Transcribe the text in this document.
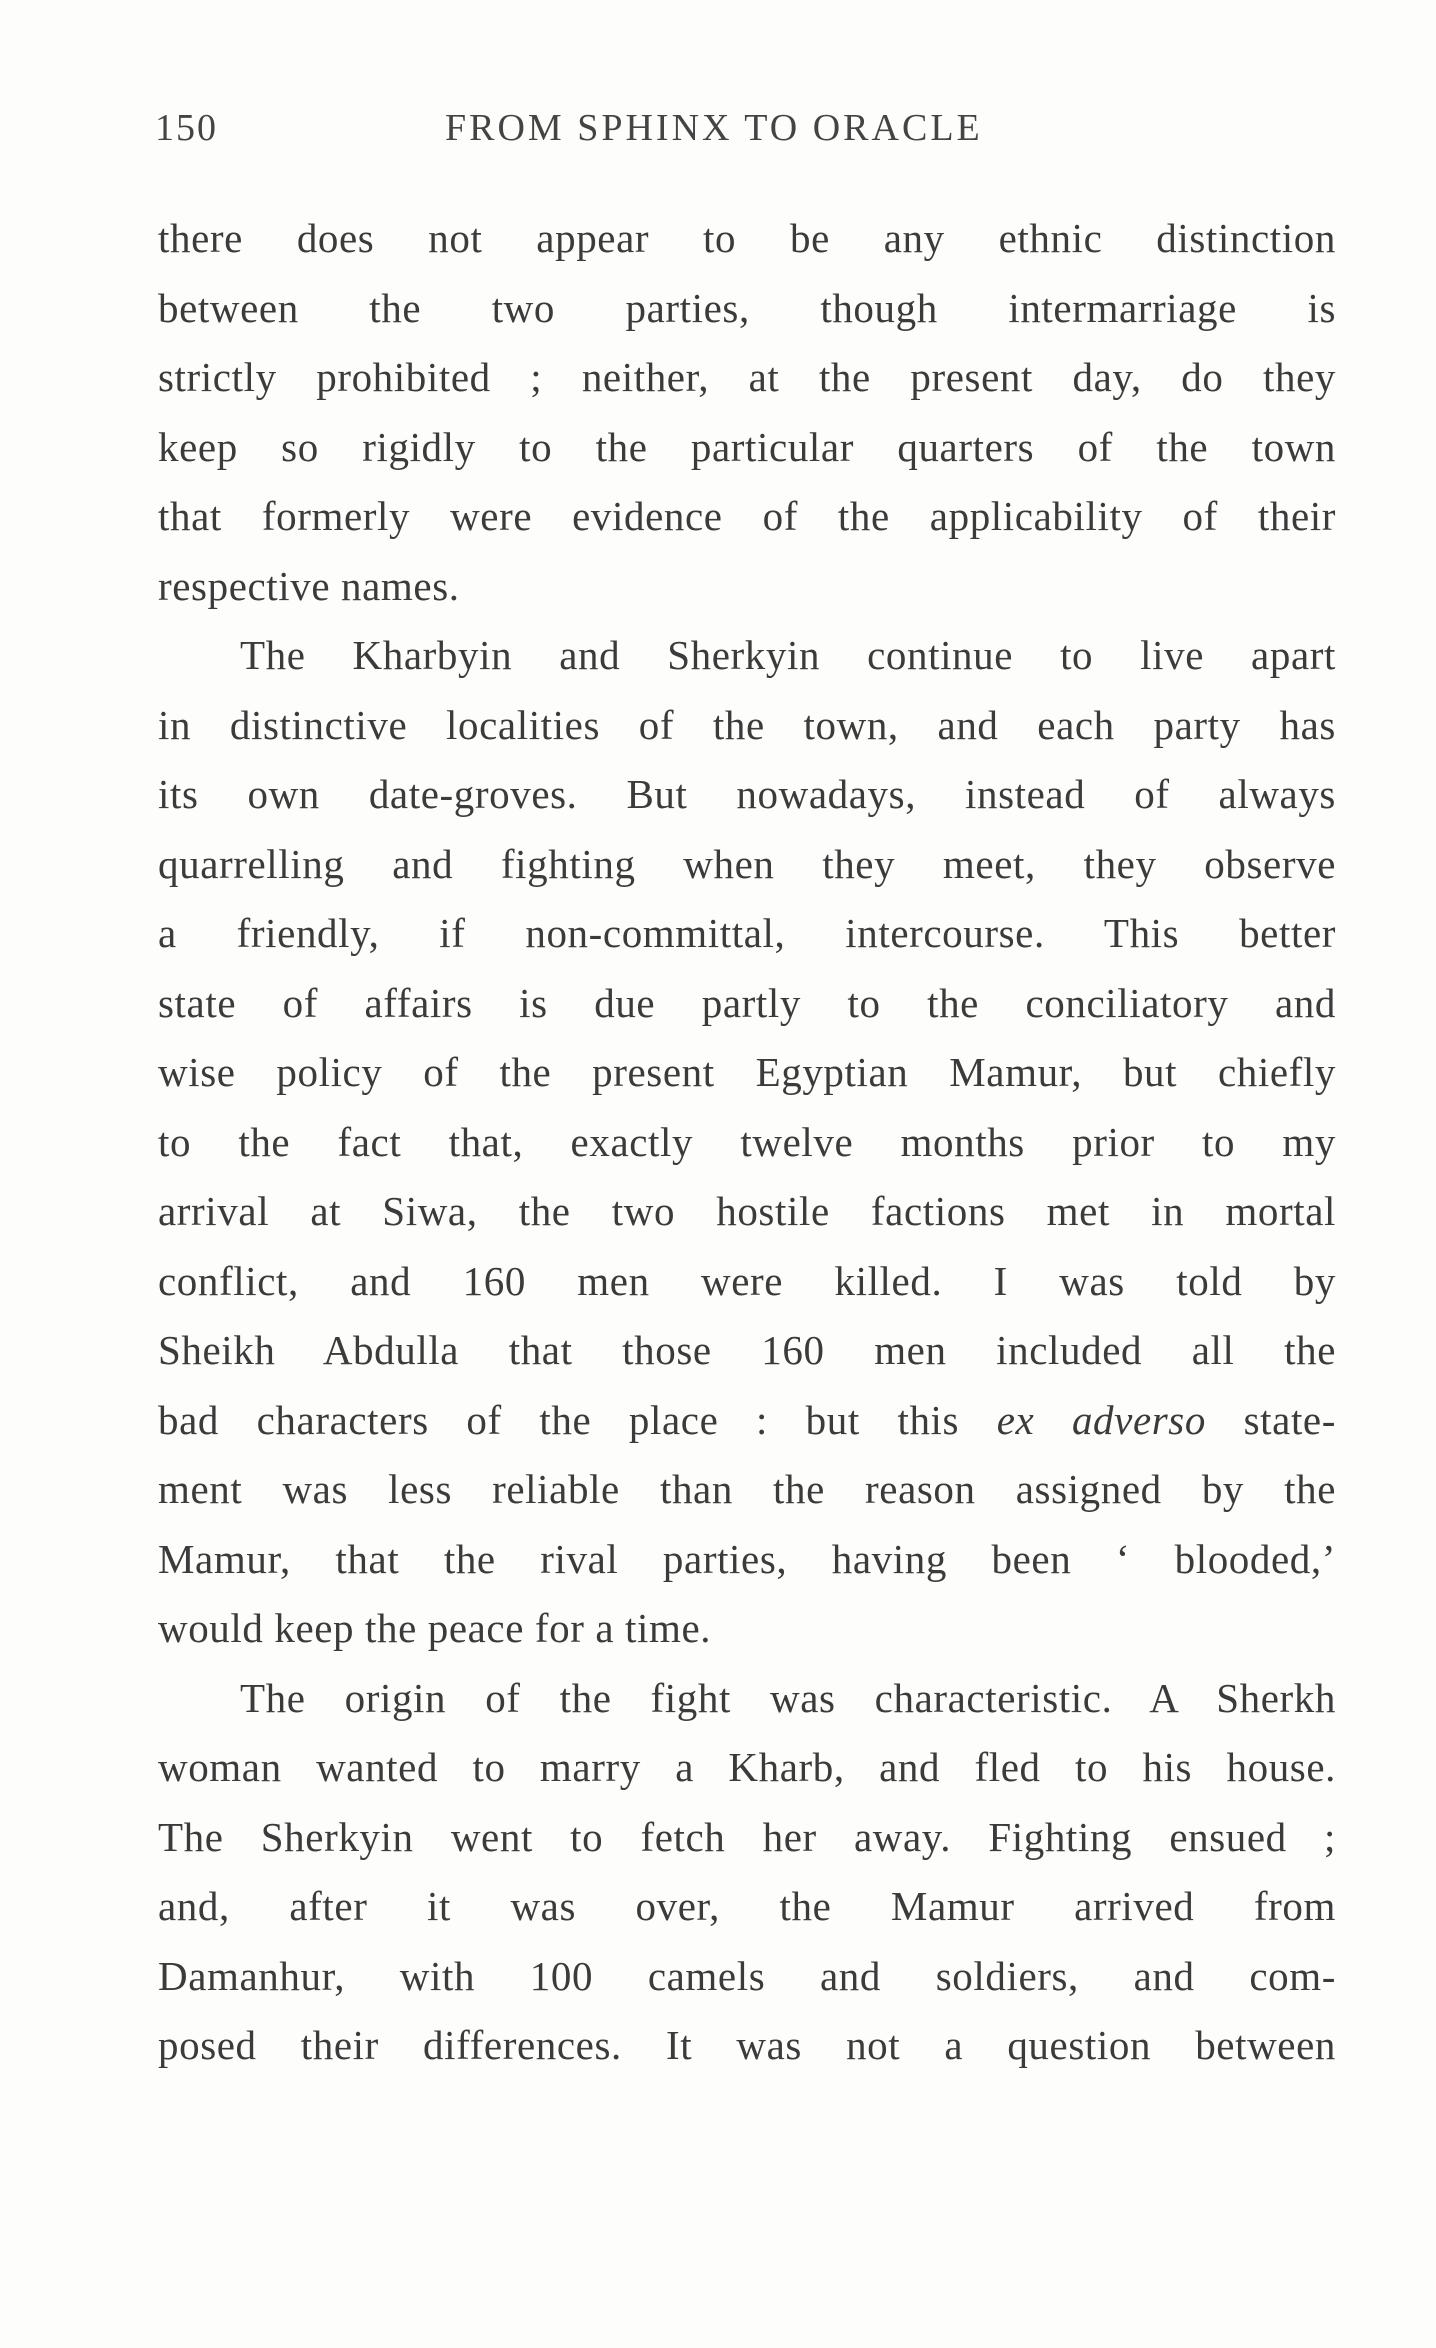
150	FROM SPHINX TO ORACLE
there does not appear to be any ethnic distinction
between the two parties, though intermarriage is
strictly prohibited ; neither, at the present day, do they
keep so rigidly to the particular quarters of the town
that formerly were evidence of the applicability of their
respective names.
The Kharbyin and Sherkyin continue to live apart
in distinctive localities of the town, and each party has
its own date-groves. But nowadays, instead of always
quarrelling and fighting when they meet, they observe
a friendly, if non-committal, intercourse. This better
state of affairs is due partly to the conciliatory and
wise policy of the present Egyptian Mamur, but chiefly
to the fact that, exactly twelve months prior to my
arrival at Siwa, the two hostile factions met in mortal
conflict, and 160 men were killed. I was told by
Sheikh Abdulla that those 160 men included all the
bad characters of the place : but this ex adverso state-
ment was less reliable than the reason assigned by the
Mamur, that the rival parties, having been ‘ blooded,’
would keep the peace for a time.
The origin of the fight was characteristic. A Sherkh
woman wanted to marry a Kharb, and fled to his house.
The Sherkyin went to fetch her away. Fighting ensued ;
and, after it was over, the Mamur arrived from
Damanhur, with 100 camels and soldiers, and com-
posed their differences. It was not a question between
